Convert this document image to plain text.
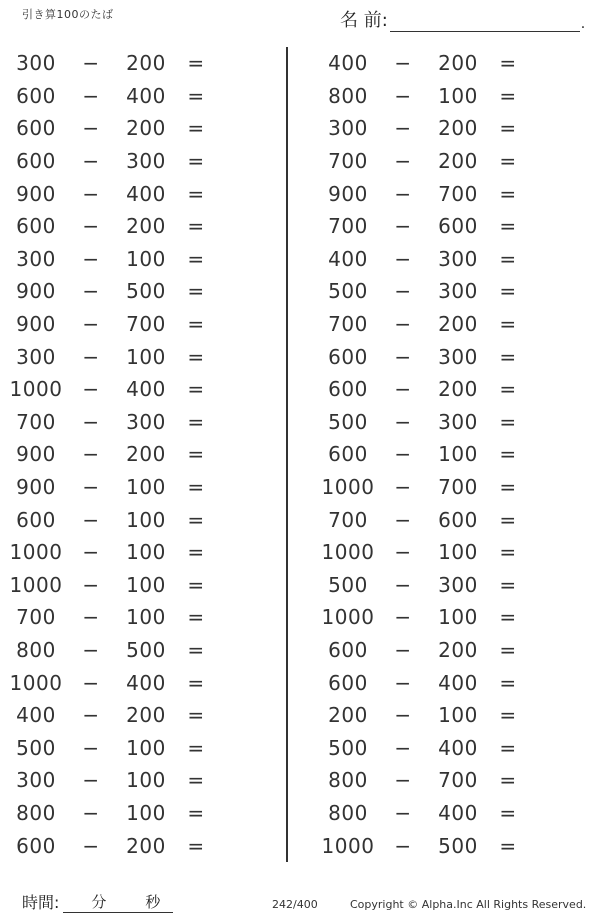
引き算100のたば	名 前:	.
300	−	200	=
600	−	400	=
600	−	200	=
600	−	300	=
900	−	400	=
600	−	200	=
300	−	100	=
900	−	500	=
900	−	700	=
300	−	100	=
1000 −	400	=
700	−	300	=
900	−	200	=
900	−	100	=
600	−	100	=
1000 −	100	=
1000 −	100	=
700	−	100	=
800	−	500	=
1000 −	400	=
400	−	200	=
500	−	100	=
300	−	100	=
800	−	100	=
600	−	200	=
400	−	200	=
800	−	100	=
300	−	200	=
700	−	200	=
900	−	700	=
700	−	600	=
400	−	300	=
500	−	300	=
700	−	200	=
600	−	300	=
600	−	200	=
500	−	300	=
600	−	100	=
1000 −	700	=
700	−	600	=
1000 −	100	=
500	−	300	=
1000 −	100	=
600	−	200	=
600	−	400	=
200	−	100	=
500	−	400	=
800	−	700	=
800	−	400	=
1000 −	500	=
時間: 分	秒	242/400	Copyright © Alpha.Inc All Rights Reserved.
